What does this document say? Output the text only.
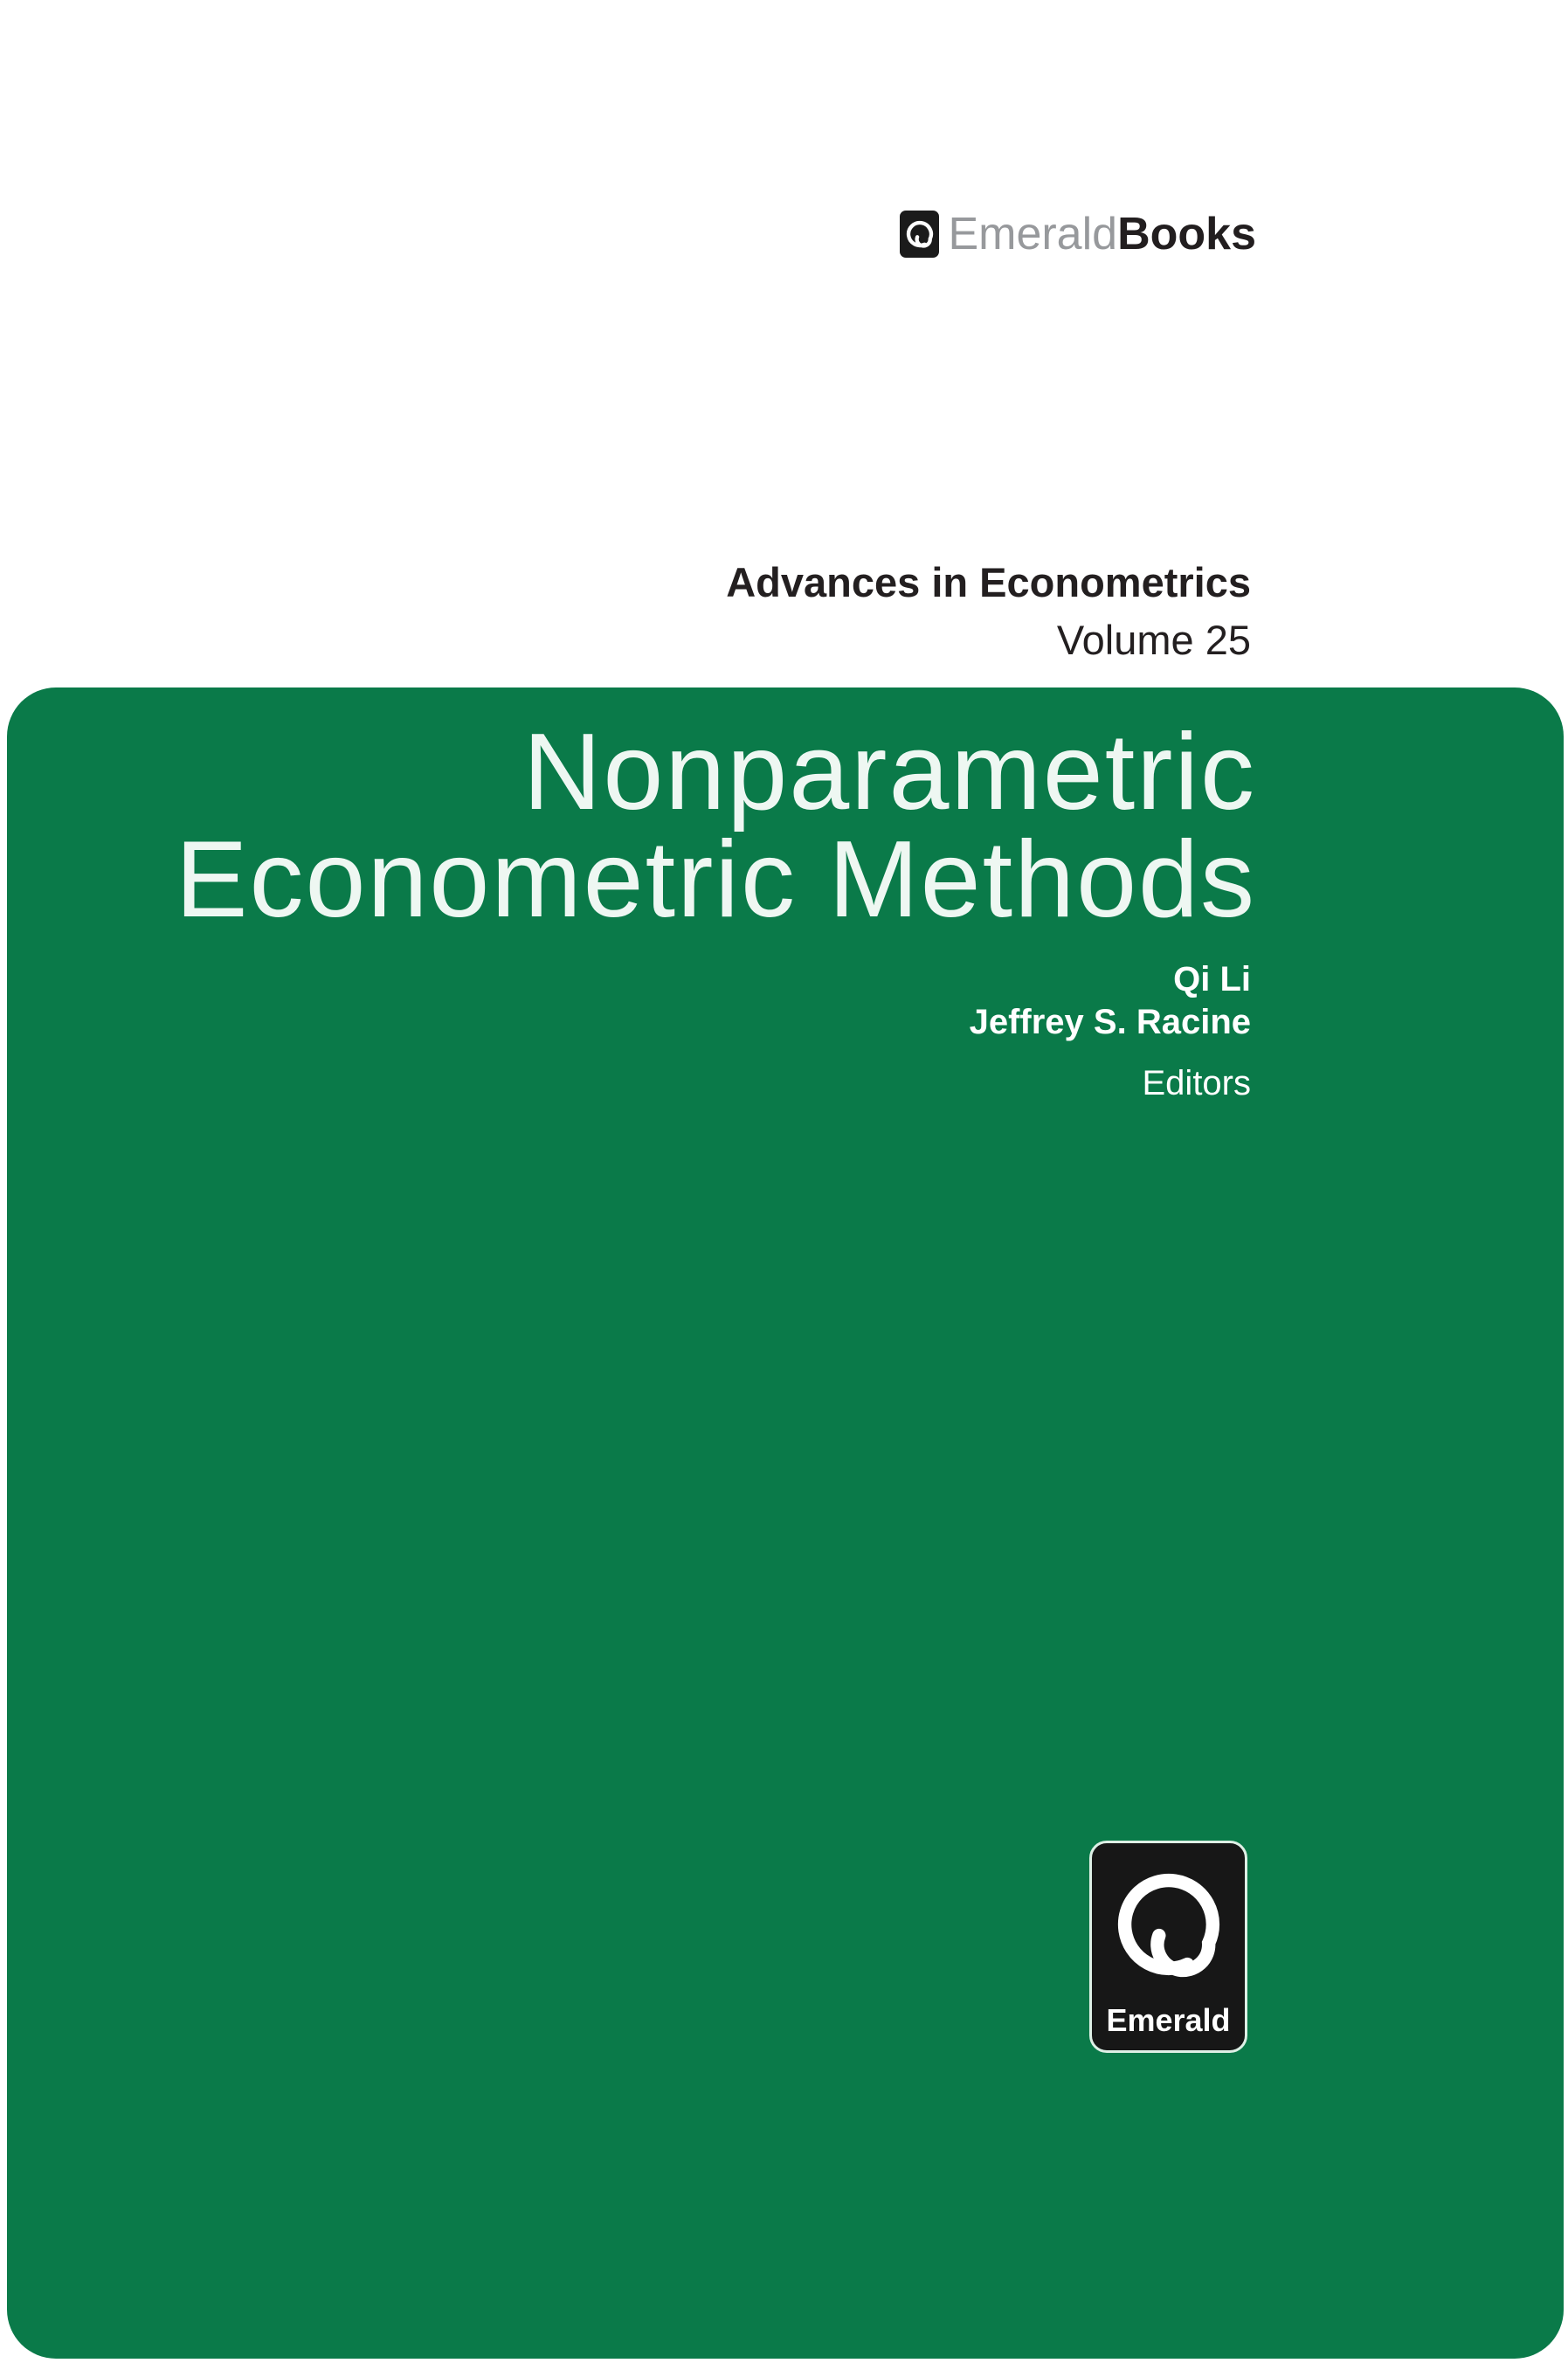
EmeraldBooks
Advances in Econometrics
Volume 25
Nonparametric
Econometric Methods
Qi Li
Jeffrey S. Racine
Editors
Emerald
